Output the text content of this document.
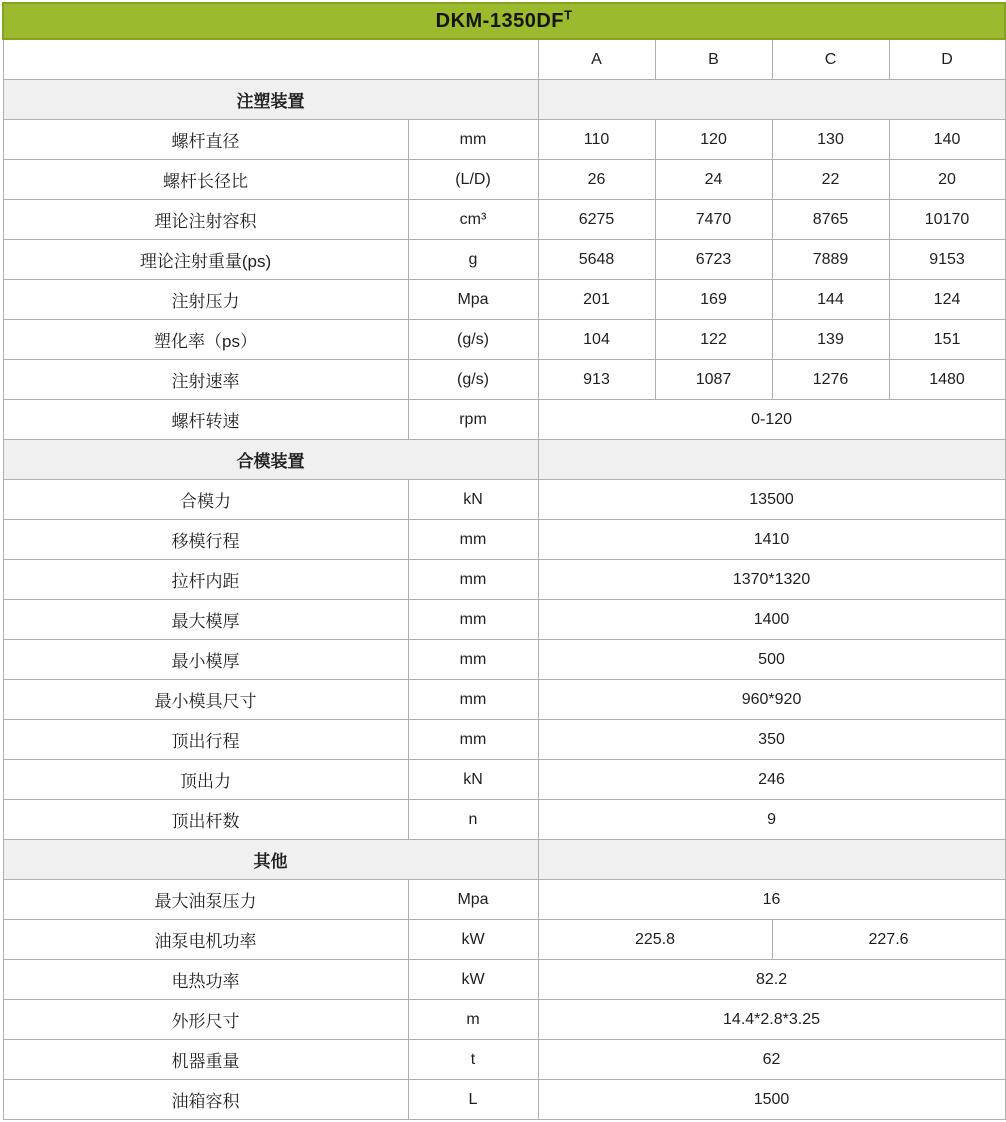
DKM-$1350DF^T$
		A	B	C	D
注塑装置					
螺杆直径	mm	110	120	130	140
螺杆长径比	(L/D)	26	24	22	20
理论注射容积	cm³	6275	7470	8765	10170
理论注射重量(ps)	g	5648	6723	7889	9153
注射压力	Mpa	201	169	144	124
塑化率（ps）	(g/s)	104	122	139	151
注射速率	(g/s)	913	1087	1276	1480
螺杆转速	rpm	0-120			
合模装置					
合模力	kN	13500			
移模行程	mm	1410			
拉杆内距	mm	1370*1320			
最大模厚	mm	1400			
最小模厚	mm	500			
最小模具尺寸	mm	960*920			
顶出行程	mm	350			
顶出力	kN	246			
顶出杆数	n	9			
其他					
最大油泵压力	Mpa	16			
油泵电机功率	kW	225.8		227.6	
电热功率	kW	82.2			
外形尺寸	m	14.4*2.8*3.25			
机器重量	t	62			
油箱容积	L	1500			
